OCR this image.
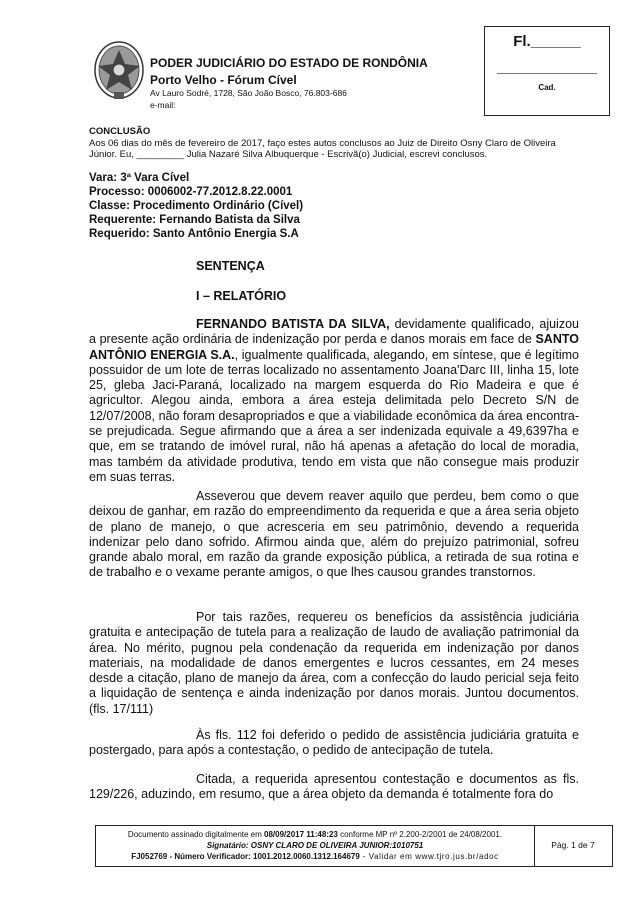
PODER JUDICIÁRIO DO ESTADO DE RONDÔNIA
Porto Velho - Fórum Cível
Av Lauro Sodré, 1728, São João Bosco, 76.803-686
e-mail:
Fl.______
Cad.
CONCLUSÃO
Aos 06 dias do mês de fevereiro de 2017, faço estes autos conclusos ao Juiz de Direito Osny Claro de Oliveira Júnior. Eu, _________ Julia Nazaré Silva Albuquerque - Escrivã(o) Judicial, escrevi conclusos.
Vara: 3ª Vara Cível
Processo: 0006002-77.2012.8.22.0001
Classe: Procedimento Ordinário (Cível)
Requerente: Fernando Batista da Silva
Requerido: Santo Antônio Energia S.A
SENTENÇA
I – RELATÓRIO

FERNANDO BATISTA DA SILVA, devidamente qualificado, ajuizou a presente ação ordinária de indenização por perda e danos morais em face de SANTO ANTÔNIO ENERGIA S.A., igualmente qualificada, alegando, em síntese, que é legítimo possuidor de um lote de terras localizado no assentamento Joana'Darc III, linha 15, lote 25, gleba Jaci-Paraná, localizado na margem esquerda do Rio Madeira e que é agricultor. Alegou ainda, embora a área esteja delimitada pelo Decreto S/N de 12/07/2008, não foram desapropriados e que a viabilidade econômica da área encontra-se prejudicada. Segue afirmando que a área a ser indenizada equivale a 49,6397ha e que, em se tratando de imóvel rural, não há apenas a afetação do local de moradia, mas também da atividade produtiva, tendo em vista que não consegue mais produzir em suas terras.

Asseverou que devem reaver aquilo que perdeu, bem como o que deixou de ganhar, em razão do empreendimento da requerida e que a área seria objeto de plano de manejo, o que acresceria em seu patrimônio, devendo a requerida indenizar pelo dano sofrido. Afirmou ainda que, além do prejuízo patrimonial, sofreu grande abalo moral, em razão da grande exposição pública, a retirada de sua rotina e de trabalho e o vexame perante amigos, o que lhes causou grandes transtornos.

Por tais razões, requereu os benefícios da assistência judiciária gratuita e antecipação de tutela para a realização de laudo de avaliação patrimonial da área. No mérito, pugnou pela condenação da requerida em indenização por danos materiais, na modalidade de danos emergentes e lucros cessantes, em 24 meses desde a citação, plano de manejo da área, com a confecção do laudo pericial seja feito a liquidação de sentença e ainda indenização por danos morais. Juntou documentos. (fls. 17/111)

Às fls. 112 foi deferido o pedido de assistência judiciária gratuita e postergado, para após a contestação, o pedido de antecipação de tutela.

Citada, a requerida apresentou contestação e documentos as fls. 129/226, aduzindo, em resumo, que a área objeto da demanda é totalmente fora do

Documento assinado digitalmente em 08/09/2017 11:48:23 conforme MP nº 2.200-2/2001 de 24/08/2001.
Signatário: OSNY CLARO DE OLIVEIRA JUNIOR:1010751
FJ052769 - Número Verificador: 1001.2012.0060.1312.164679 - Validar em www.tjro.jus.br/adoc
Pág. 1 de 7
